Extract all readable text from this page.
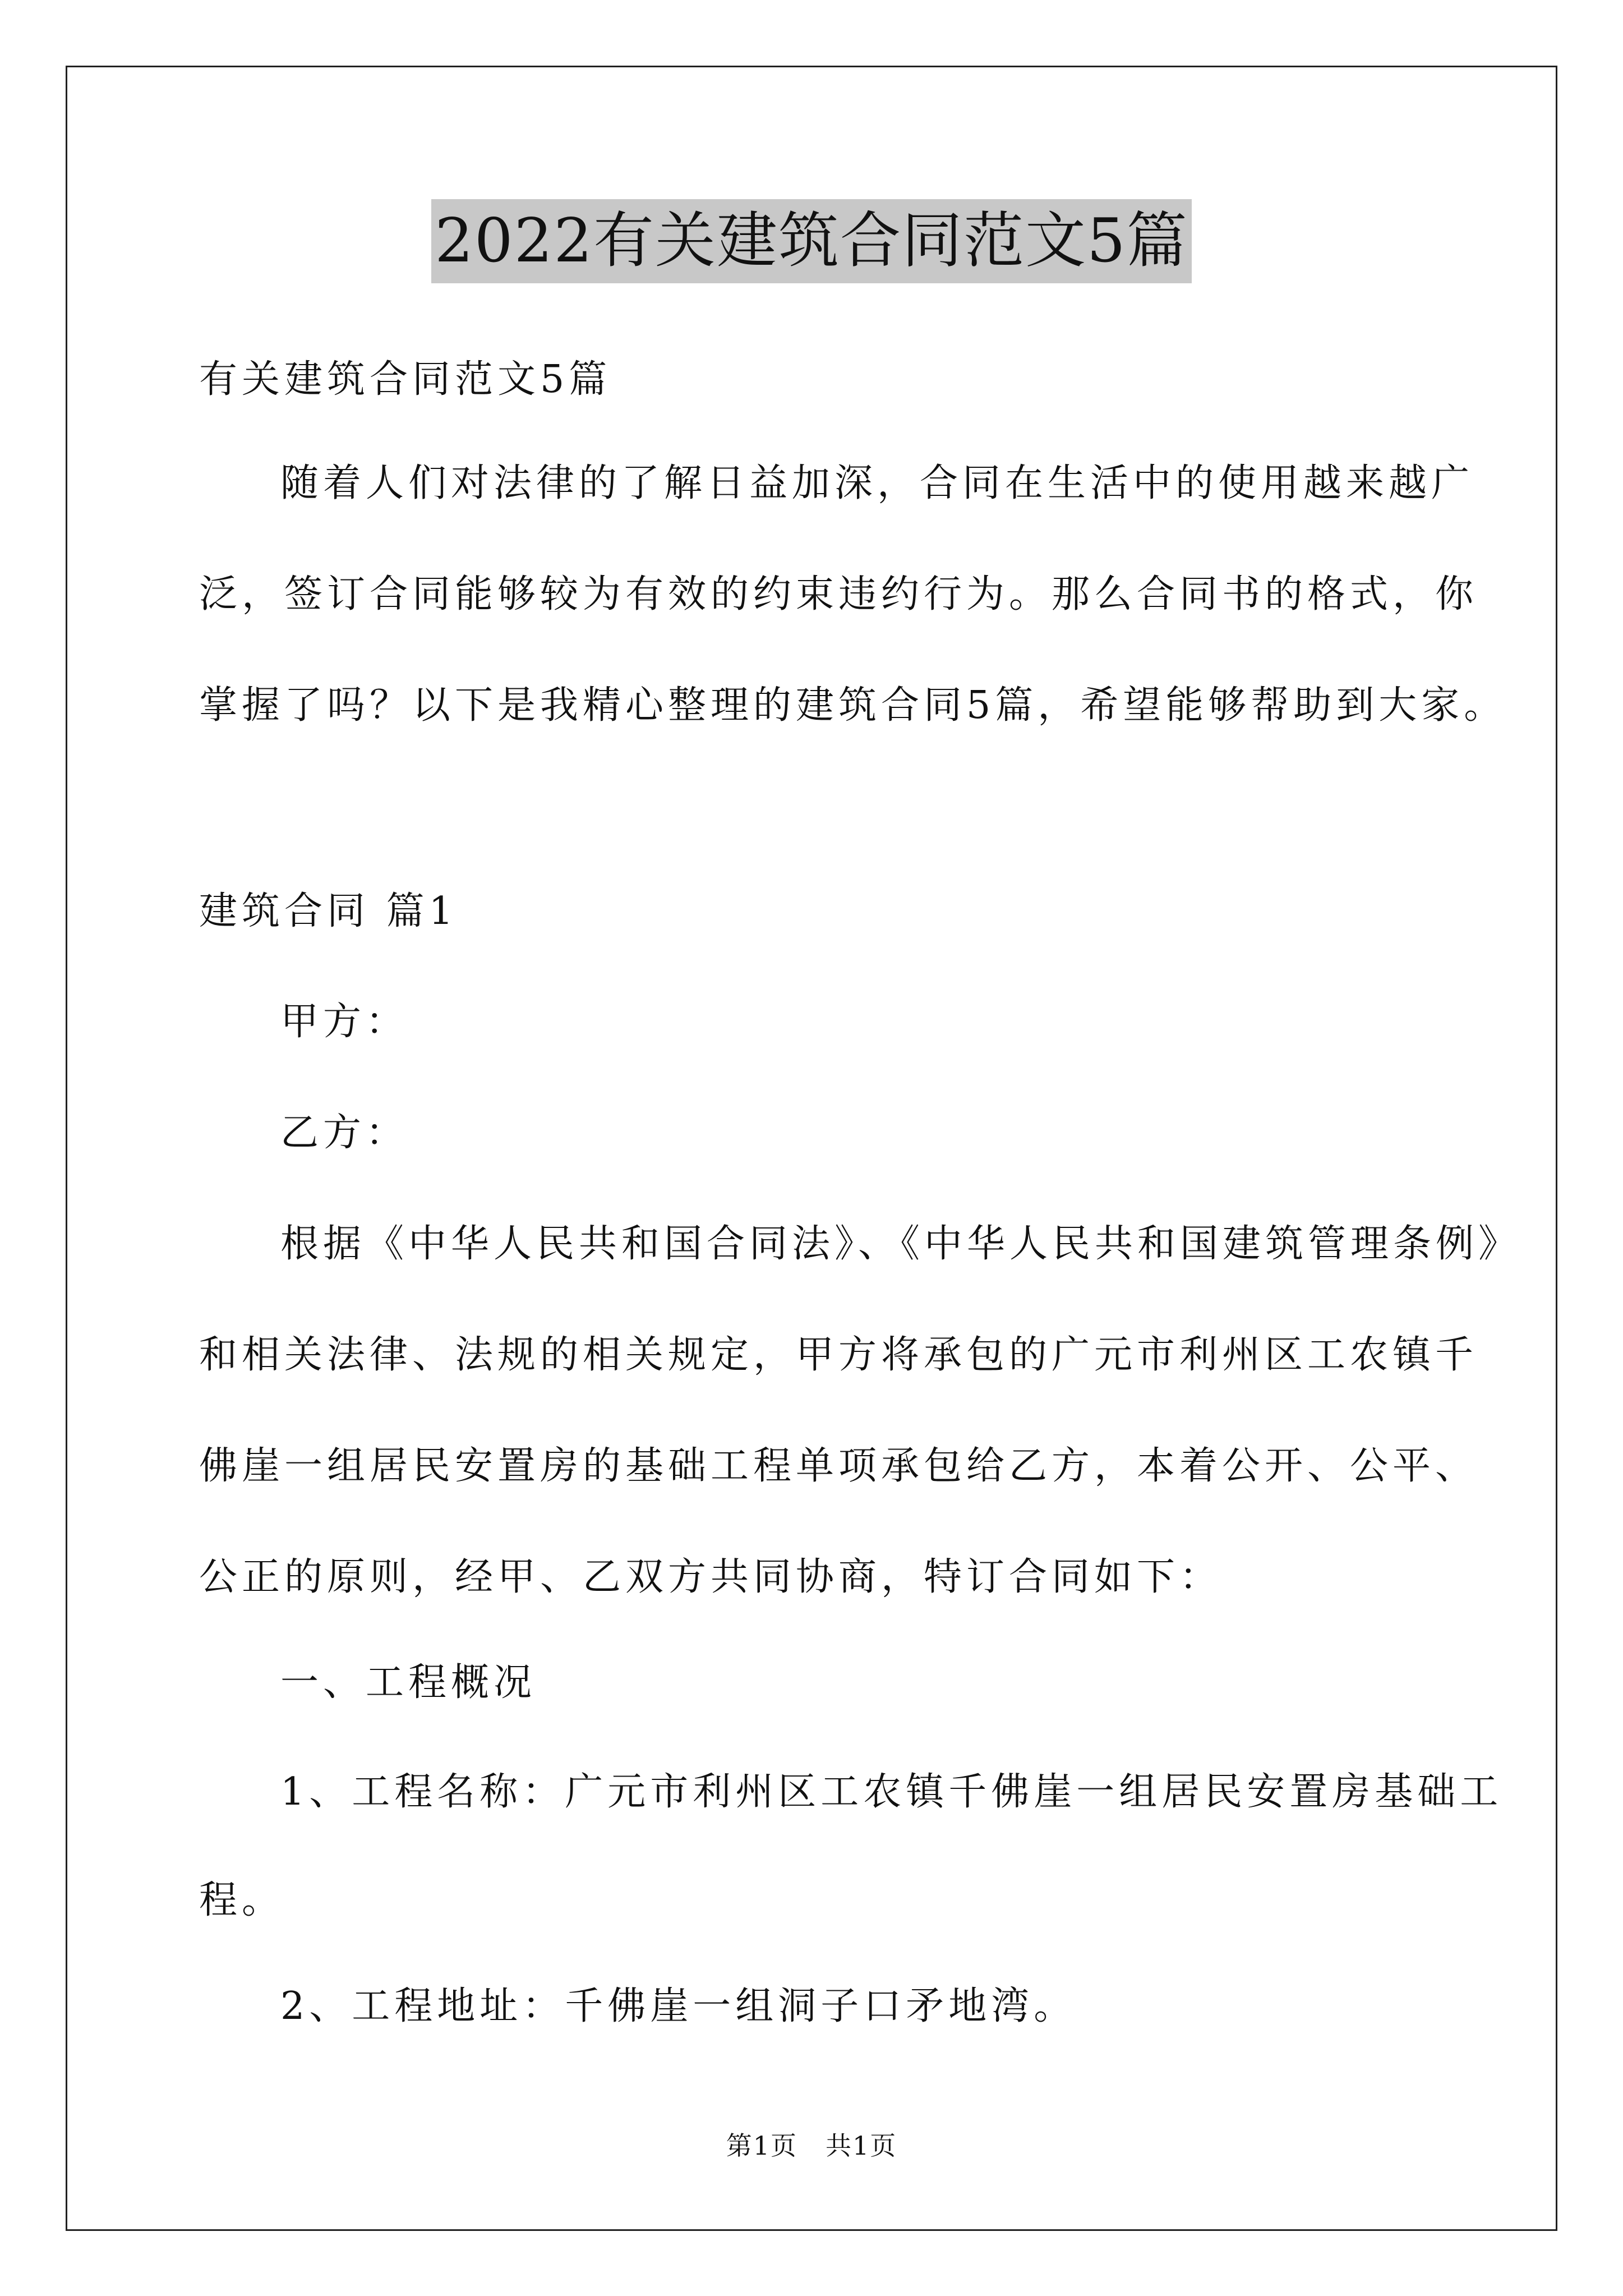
2022有关建筑合同范文5篇
有关建筑合同范文5篇
随着人们对法律的了解日益加深，合同在生活中的使用越来越广
泛，签订合同能够较为有效的约束违约行为。那么合同书的格式，你
掌握了吗？以下是我精心整理的建筑合同5篇，希望能够帮助到大家。
建筑合同 篇1
甲方：
乙方：
根据《中华人民共和国合同法》、《中华人民共和国建筑管理条例》
和相关法律、法规的相关规定，甲方将承包的广元市利州区工农镇千
佛崖一组居民安置房的基础工程单项承包给乙方，本着公开、公平、
公正的原则，经甲、乙双方共同协商，特订合同如下：
一、工程概况
1、工程名称：广元市利州区工农镇千佛崖一组居民安置房基础工
程。
2、工程地址：千佛崖一组洞子口矛地湾。
第1页 共1页
